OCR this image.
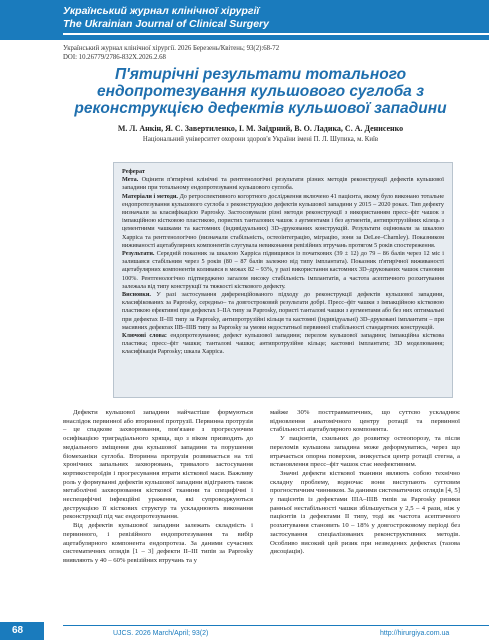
Український журнал клінічної хірургії
The Ukrainian Journal of Clinical Surgery
Український журнал клінічної хірургії. 2026 Березень/Квітень; 93(2):68-72
DOI: 10.26779/2786-832X.2026.2.68
П'ятирічні результати тотального ендопротезування кульшового суглоба з реконструкцією дефектів кульшової западини
М. Л. Анкін, Я. С. Завертиленко, І. М. Заїдрний, В. О. Ладика, С. А. Денисенко
Національний університет охорони здоров'я України імені П. Л. Шупика, м. Київ

Реферат

Мета. Оцінити п'ятирічні клінічні та рентгенологічні результати різних методів реконструкції дефектів кульшової западини при тотальному ендопротезуванні кульшового суглоба.

Матеріали і методи. До ретроспективного когортного дослідження включено 41 пацієнта, якому було виконано тотальне ендопротезування кульшового суглоба з реконструкцією дефектів кульшової западини у 2015 – 2020 роках. Тип дефекту визначали за класифікацією Paprosky. Застосовували різні методи реконструкції з використанням пресс–фіт чашок з імпакційною кістковою пластикою, пористих танталових чашок з аугментами і без аугментів, антипротрузійних кілець з цементними чашками та кастомних (індивідуальних) 3D–друкованих конструкцій. Результати оцінювали за шкалою Харріса та рентгенологічно (визначали стабільність, остеоінтеграцію, міграцію, зони за DeLee–Charnley). Показником виживаності ацетабулярних компонентів слугувала невиконання ревізійних втручань протягом 5 років спостереження.

Результати. Середній показник за шкалою Харріса підвищився із початкових (39 ± 12) до 79 – 86 балів через 12 міс і залишався стабільним через 5 років (80 – 87 балів залежно від типу імплантата). Показник п'ятирічної виживаності ацетабулярних компонентів коливався в межах 82 – 93%, у разі використання кастомних 3D–друкованих чашок становив 100%. Рентгенологічно підтверджено загалом високу стабільність імплантатів, а частота асептичного розхитування залежала від типу конструкції та тяжкості кісткового дефекту.

Висновки. У разі застосування диференційованого підходу до реконструкції дефектів кульшової западини, класифікованих за Paprosky, середньо– та довгостроковий результати добрі. Пресс–фіт чашки з імпакційною кістковою пластикою ефективні при дефектах I–IIA типу за Paprosky, пористі танталові чашки з аугментами або без них оптимальні при дефектах II–III типу за Paprosky, антипротрузійні кільця та кастомні (індивідуальні) 3D–друковані імплантати – при масивних дефектах IIB–IIIB типу за Paprosky за умови недостатньої первинної стабільності стандартних конструкцій.

Ключові слова: ендопротезування; дефект кульшової западини; перелом кульшової западини; імпакційна кісткова пластика; пресс–фіт чашки; танталові чашки; антипротрузійне кільце; кастомні імплантати; 3D моделювання; класифікація Paprosky; шкала Харріса.

Дефекти кульшової западини найчастіше формуються внаслідок первинної або вторинної протрузії. Первинна протрузія – це спадкове захворювання, пов'язане з прогресуючим осифікацією триградіального хряща, що з віком призводить до медіального зміщення дна кульшової западини та порушення біомеханіки суглоба. Вторинна протрузія розвивається на тлі хронічних запальних захворювань, тривалого застосування кортикостероїдів і прогресування втрати кісткової маси. Важливу роль у формуванні дефектів кульшової западини відіграють також метаболічні захворювання кісткової тканини та специфічні і неспецифічні інфекційні ураження, які супроводжуються деструкцією її кісткових структур та ускладнюють виконання реконструкції під час ендопротезування.

Від дефектів кульшової западини залежать складність і первинного, і ревізійного ендопротезування та вибір ацетабулярного компонента ендопротеза. За даними сучасних систематичних оглядів [1 – 3] дефекти II–III типів за Paprosky виявляють у 40 – 60% ревізійних втручань та у

майже 30% посттравматичних, що суттєво ускладнює відновлення анатомічного центру ротації та первинної стабільності ацетабулярного компонента.

У пацієнтів, схильних до розвитку остеопорозу, та після переломів кульшова западина може деформуватись, через що втрачається опорна поверхня, зникується центр ротації стегна, а встановлення пресс–фіт чашок стає неефективним.

Значні дефекти кісткової тканини являють собою технічно складну проблему, водночас вони виступають суттєвим прогностичним чинником. За даними систематичних оглядів [4, 5] у пацієнтів із дефектами IIIA–IIIB типів за Paprosky ризики ранньої нестабільності чашки збільшується у 2,5 – 4 рази, ніж у пацієнтів із дефектами II типу, тоді як частота асептичного розхитування становить 10 – 18% у довгостроковому періоді без застосування спеціалізованих реконструктивних методів. Особливо високий цей ризик при незведених дефектах (тазова дисоціація).

68	UJCS. 2026 March/April; 93(2)	http://hirurgiya.com.ua
